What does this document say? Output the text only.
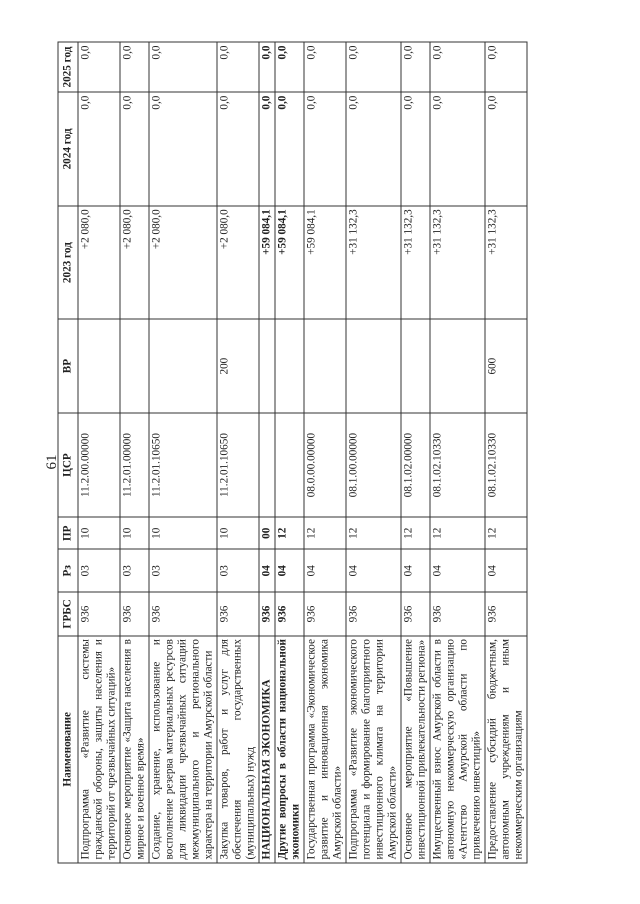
61
Наименование	ГРБС	Рз	ПР	ЦСР	ВР	2023 год	2024 год	2025 год
Подпрограмма «Развитие системы гражданской обороны, защиты населения и территорий от чрезвычайных ситуаций»	936	03	10	11.2.00.00000		+2 080,0	0,0	0,0
Основное мероприятие «Защита населения в мирное и военное время»	936	03	10	11.2.01.00000		+2 080,0	0,0	0,0
Создание, хранение, использование и восполнение резерва материальных ресурсов для ликвидации чрезвычайных ситуаций межмуниципального и регионального характера на территории Амурской области	936	03	10	11.2.01.10650		+2 080,0	0,0	0,0
Закупка товаров, работ и услуг для обеспечения государственных (муниципальных) нужд	936	03	10	11.2.01.10650	200	+2 080,0	0,0	0,0
НАЦИОНАЛЬНАЯ ЭКОНОМИКА	936	04	00			+59 084,1	0,0	0,0
Другие вопросы в области национальной экономики	936	04	12			+59 084,1	0,0	0,0
Государственная программа «Экономическое развитие и инновационная экономика Амурской области»	936	04	12	08.0.00.00000		+59 084,1	0,0	0,0
Подпрограмма «Развитие экономического потенциала и формирование благоприятного инвестиционного климата на территории Амурской области»	936	04	12	08.1.00.00000		+31 132,3	0,0	0,0
Основное мероприятие «Повышение инвестиционной привлекательности региона»	936	04	12	08.1.02.00000		+31 132,3	0,0	0,0
Имущественный взнос Амурской области в автономную некоммерческую организацию «Агентство Амурской области по привлечению инвестиций»	936	04	12	08.1.02.10330		+31 132,3	0,0	0,0
Предоставление субсидий бюджетным, автономным учреждениям и иным некоммерческим организациям	936	04	12	08.1.02.10330	600	+31 132,3	0,0	0,0
